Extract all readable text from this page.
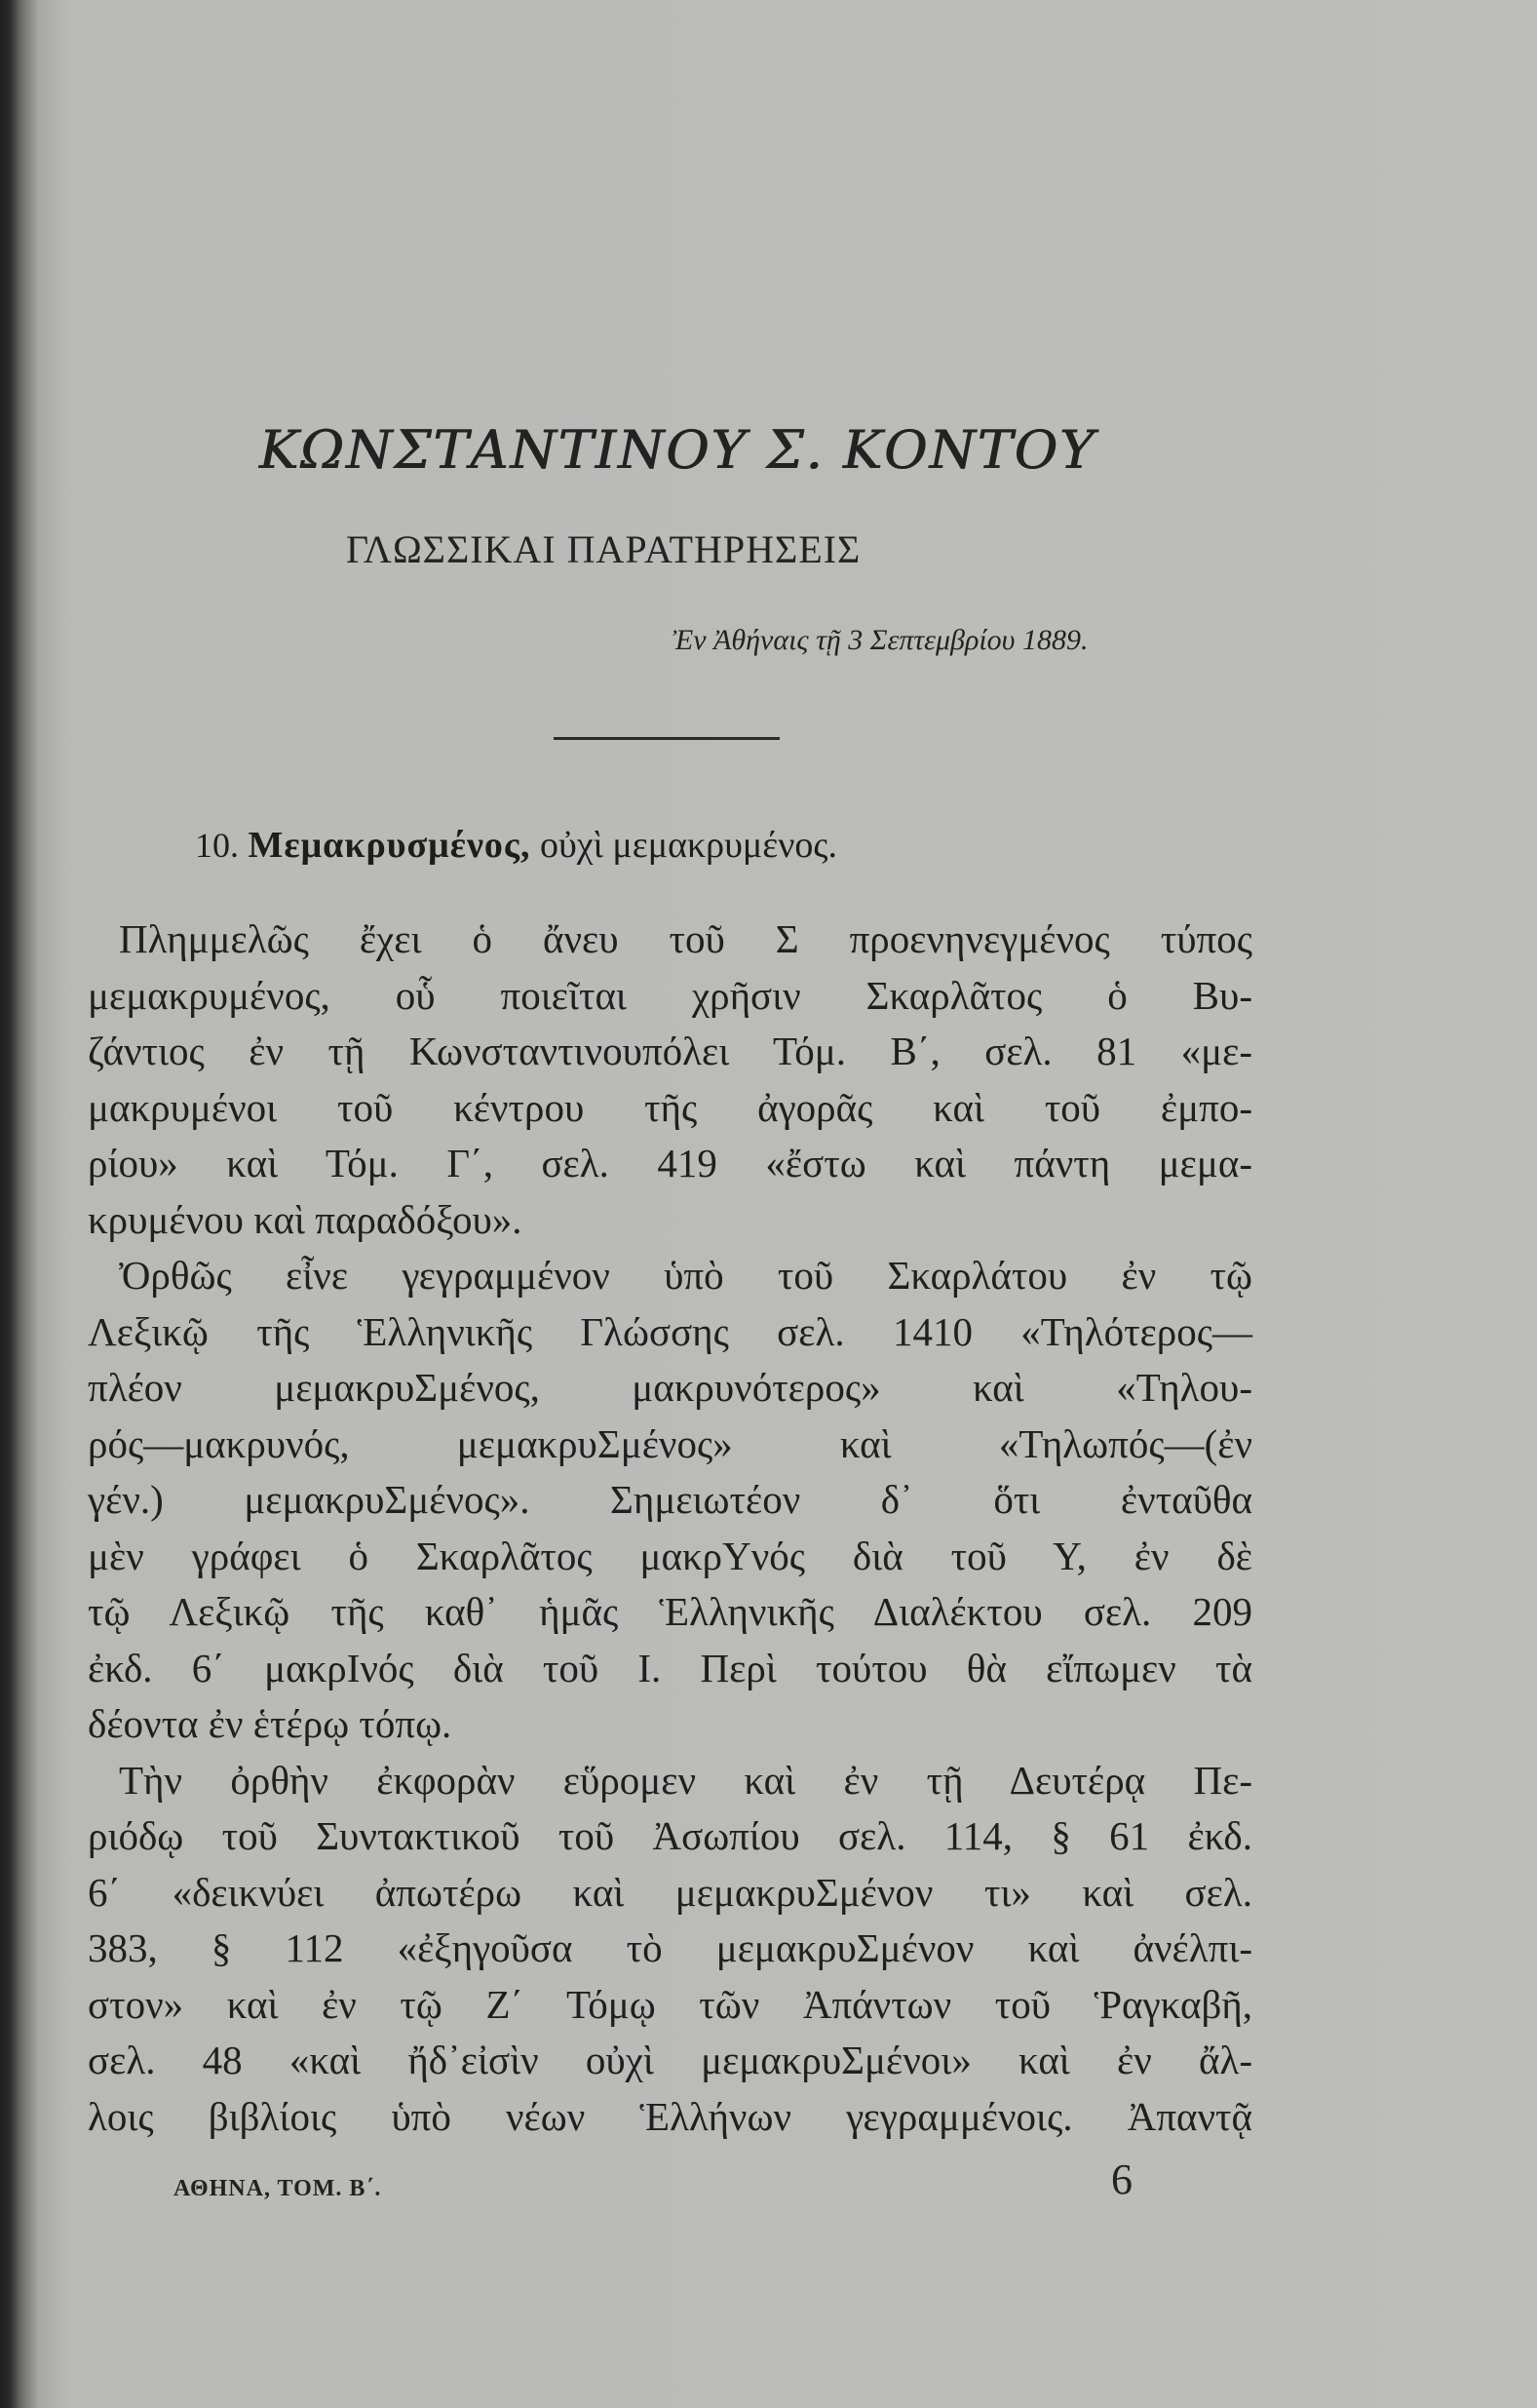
ΚΩΝΣΤΑΝΤΙΝΟΥ Σ. ΚΟΝΤΟΥ
ΓΛΩΣΣΙΚΑΙ ΠΑΡΑΤΗΡΗΣΕΙΣ
Ἐν Ἀθήναις τῇ 3 Σεπτεμβρίου 1889.
10. Μεμακρυσμένος, οὐχὶ μεμακρυμένος.
Πλημμελῶς ἔχει ὁ ἄνευ τοῦ Σ προενηνεγμένος τύπος
μεμακρυμένος, οὗ ποιεῖται χρῆσιν Σκαρλᾶτος ὁ Βυ-
ζάντιος ἐν τῇ Κωνσταντινουπόλει Τόμ. Β΄, σελ. 81 «με-
μακρυμένοι τοῦ κέντρου τῆς ἀγορᾶς καὶ τοῦ ἐμπο-
ρίου» καὶ Τόμ. Γ΄, σελ. 419 «ἔστω καὶ πάντη μεμα-
κρυμένου καὶ παραδόξου».
Ὀρθῶς εἶνε γεγραμμένον ὑπὸ τοῦ Σκαρλάτου ἐν τῷ
Λεξικῷ τῆς Ἑλληνικῆς Γλώσσης σελ. 1410 «Τηλότερος—
πλέον μεμακρυΣμένος, μακρυνότερος» καὶ «Τηλου-
ρός—μακρυνός, μεμακρυΣμένος» καὶ «Τηλωπός—(ἐν
γέν.) μεμακρυΣμένος». Σημειωτέον δ᾽ ὅτι ἐνταῦθα
μὲν γράφει ὁ Σκαρλᾶτος μακρΥνός διὰ τοῦ Υ, ἐν δὲ
τῷ Λεξικῷ τῆς καθ᾽ ἡμᾶς Ἑλληνικῆς Διαλέκτου σελ. 209
ἐκδ. 6΄ μακρΙνός διὰ τοῦ Ι. Περὶ τούτου θὰ εἴπωμεν τὰ
δέοντα ἐν ἑτέρῳ τόπῳ.
Τὴν ὀρθὴν ἐκφορὰν εὕρομεν καὶ ἐν τῇ Δευτέρᾳ Πε-
ριόδῳ τοῦ Συντακτικοῦ τοῦ Ἀσωπίου σελ. 114, § 61 ἐκδ.
6΄ «δεικνύει ἀπωτέρω καὶ μεμακρυΣμένον τι» καὶ σελ.
383, § 112 «ἐξηγοῦσα τὸ μεμακρυΣμένον καὶ ἀνέλπι-
στον» καὶ ἐν τῷ Ζ΄ Τόμῳ τῶν Ἀπάντων τοῦ Ῥαγκαβῆ,
σελ. 48 «καὶ ἤδ᾽εἰσὶν οὐχὶ μεμακρυΣμένοι» καὶ ἐν ἄλ-
λοις βιβλίοις ὑπὸ νέων Ἑλλήνων γεγραμμένοις. Ἀπαντᾷ
ΑΘΗΝΑ, ΤΟΜ. Β΄.	6
